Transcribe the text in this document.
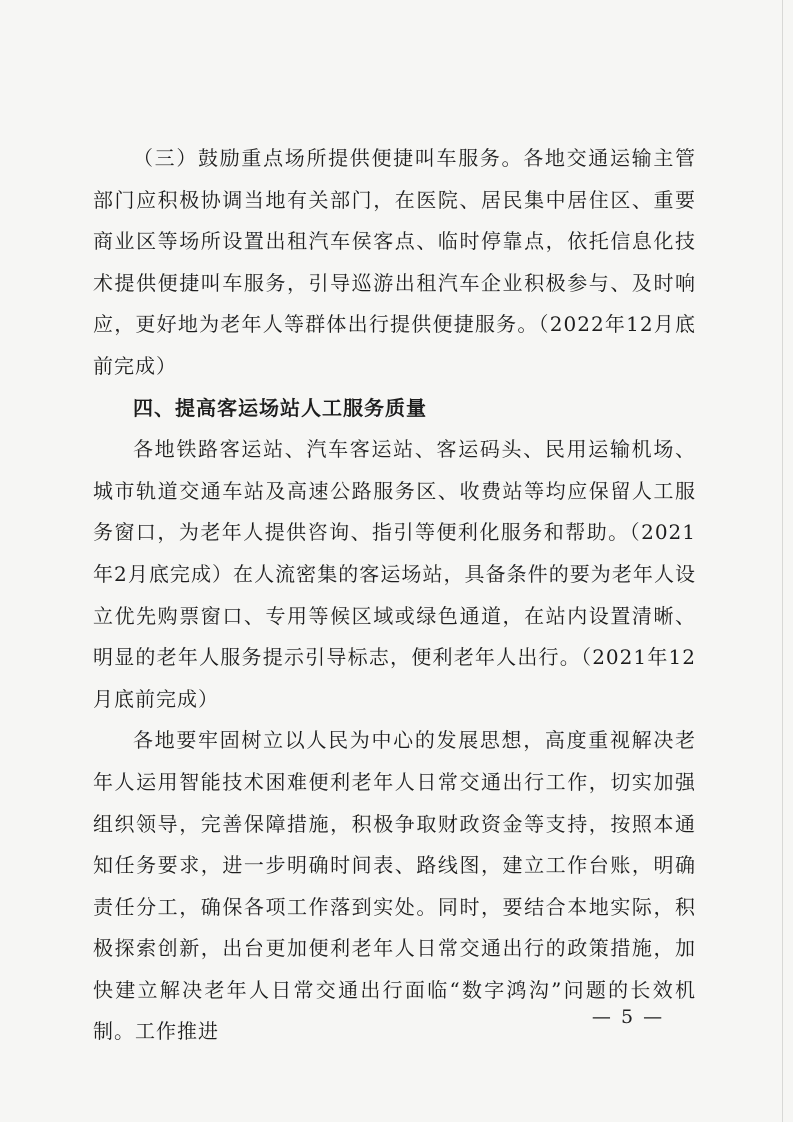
（三）鼓励重点场所提供便捷叫车服务。各地交通运输主管部门应积极协调当地有关部门，在医院、居民集中居住区、重要商业区等场所设置出租汽车侯客点、临时停靠点，依托信息化技术提供便捷叫车服务，引导巡游出租汽车企业积极参与、及时响应，更好地为老年人等群体出行提供便捷服务。（2022年12月底前完成）

四、提高客运场站人工服务质量

各地铁路客运站、汽车客运站、客运码头、民用运输机场、城市轨道交通车站及高速公路服务区、收费站等均应保留人工服务窗口，为老年人提供咨询、指引等便利化服务和帮助。（2021年2月底完成）在人流密集的客运场站，具备条件的要为老年人设立优先购票窗口、专用等候区域或绿色通道，在站内设置清晰、明显的老年人服务提示引导标志，便利老年人出行。（2021年12月底前完成）

各地要牢固树立以人民为中心的发展思想，高度重视解决老年人运用智能技术困难便利老年人日常交通出行工作，切实加强组织领导，完善保障措施，积极争取财政资金等支持，按照本通知任务要求，进一步明确时间表、路线图，建立工作台账，明确责任分工，确保各项工作落到实处。同时，要结合本地实际，积极探索创新，出台更加便利老年人日常交通出行的政策措施，加快建立解决老年人日常交通出行面临“数字鸿沟”问题的长效机制。工作推进

— 5 —
